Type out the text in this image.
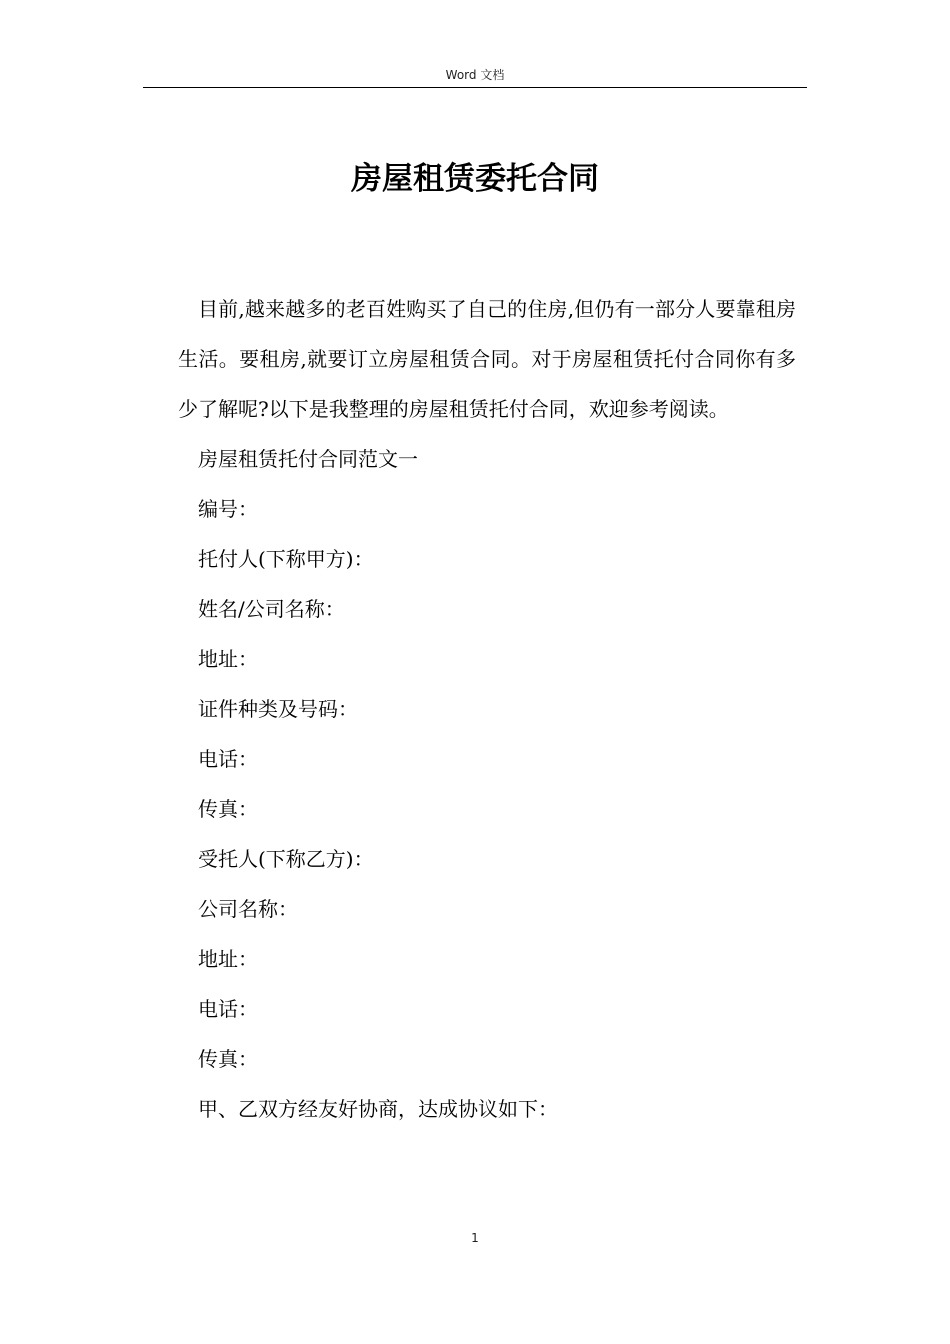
Word 文档
房屋租赁委托合同

目前,越来越多的老百姓购买了自己的住房,但仍有一部分人要靠租房生活。要租房,就要订立房屋租赁合同。对于房屋租赁托付合同你有多少了解呢?以下是我整理的房屋租赁托付合同，欢迎参考阅读。

房屋租赁托付合同范文一

编号：

托付人(下称甲方)：

姓名/公司名称：

地址：

证件种类及号码：

电话：

传真：

受托人(下称乙方)：

公司名称：

地址：

电话：

传真：

甲、乙双方经友好协商，达成协议如下：

1
